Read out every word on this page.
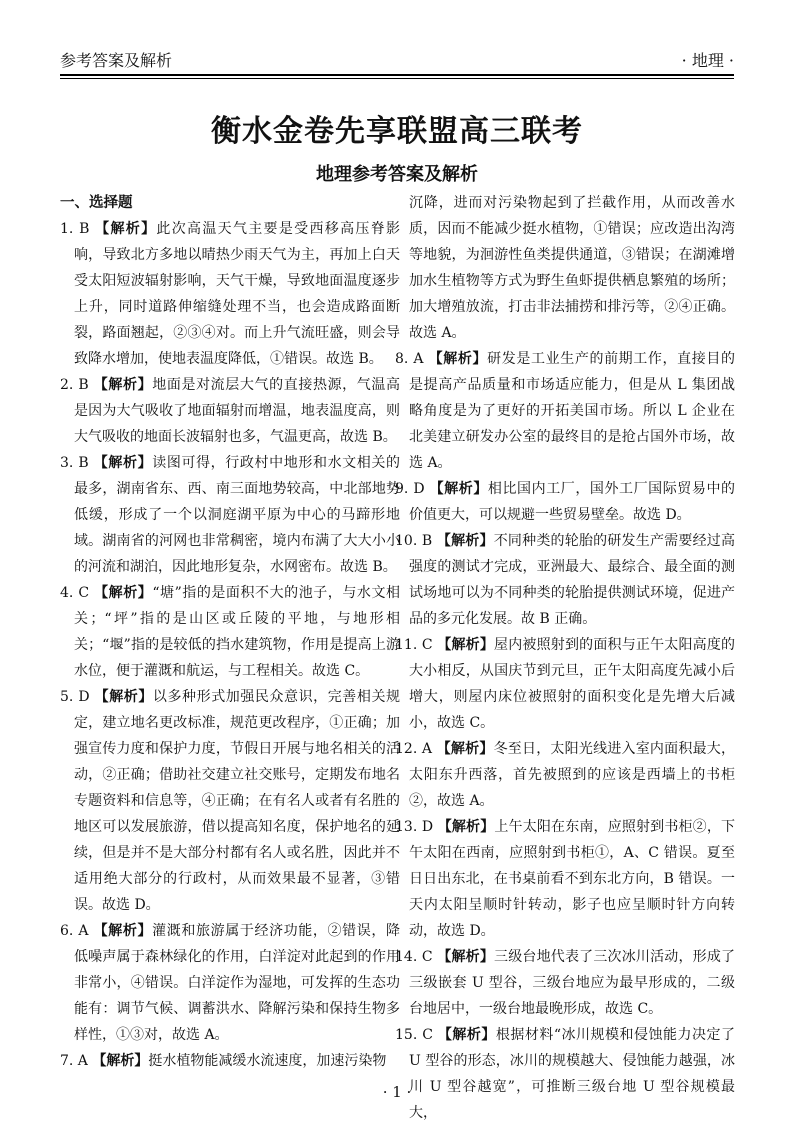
参考答案及解析	· 地理 ·
衡水金卷先享联盟高三联考
地理参考答案及解析

一、选择题

1. B 【解析】此次高温天气主要是受西移高压脊影响，导致北方多地以晴热少雨天气为主，再加上白天受太阳短波辐射影响，天气干燥，导致地面温度逐步上升，同时道路伸缩缝处理不当，也会造成路面断裂，路面翘起，②③④对。而上升气流旺盛，则会导致降水增加，使地表温度降低，①错误。故选 B。

2. B 【解析】地面是对流层大气的直接热源，气温高是因为大气吸收了地面辐射而增温，地表温度高，则大气吸收的地面长波辐射也多，气温更高，故选 B。

3. B 【解析】读图可得，行政村中地形和水文相关的最多，湖南省东、西、南三面地势较高，中北部地势低缓，形成了一个以洞庭湖平原为中心的马蹄形地域。湖南省的河网也非常稠密，境内布满了大大小小的河流和湖泊，因此地形复杂，水网密布。故选 B。

4. C 【解析】“塘”指的是面积不大的池子，与水文相关；“坪”指的是山区或丘陵的平地，与地形相关；“堰”指的是较低的挡水建筑物，作用是提高上游水位，便于灌溉和航运，与工程相关。故选 C。

5. D 【解析】以多种形式加强民众意识，完善相关规定，建立地名更改标准，规范更改程序，①正确；加强宣传力度和保护力度，节假日开展与地名相关的活动，②正确；借助社交建立社交账号，定期发布地名专题资料和信息等，④正确；在有名人或者有名胜的地区可以发展旅游，借以提高知名度，保护地名的延续，但是并不是大部分村都有名人或名胜，因此并不适用绝大部分的行政村，从而效果最不显著，③错误。故选 D。

6. A 【解析】灌溉和旅游属于经济功能，②错误，降低噪声属于森林绿化的作用，白洋淀对此起到的作用非常小，④错误。白洋淀作为湿地，可发挥的生态功能有：调节气候、调蓄洪水、降解污染和保持生物多样性，①③对，故选 A。

7. A 【解析】挺水植物能减缓水流速度，加速污染物

沉降，进而对污染物起到了拦截作用，从而改善水质，因而不能减少挺水植物，①错误；应改造出沟湾等地貌，为洄游性鱼类提供通道，③错误；在湖滩增加水生植物等方式为野生鱼虾提供栖息繁殖的场所；加大增殖放流，打击非法捕捞和排污等，②④正确。故选 A。

8. A 【解析】研发是工业生产的前期工作，直接目的是提高产品质量和市场适应能力，但是从 L 集团战略角度是为了更好的开拓美国市场。所以 L 企业在北美建立研发办公室的最终目的是抢占国外市场，故选 A。

9. D 【解析】相比国内工厂，国外工厂国际贸易中的价值更大，可以规避一些贸易壁垒。故选 D。

10. B 【解析】不同种类的轮胎的研发生产需要经过高强度的测试才完成，亚洲最大、最综合、最全面的测试场地可以为不同种类的轮胎提供测试环境，促进产品的多元化发展。故 B 正确。

11. C 【解析】屋内被照射到的面积与正午太阳高度的大小相反，从国庆节到元旦，正午太阳高度先减小后增大，则屋内床位被照射的面积变化是先增大后减小，故选 C。

12. A 【解析】冬至日，太阳光线进入室内面积最大，太阳东升西落，首先被照到的应该是西墙上的书柜②，故选 A。

13. D 【解析】上午太阳在东南，应照射到书柜②，下午太阳在西南，应照射到书柜①，A、C 错误。夏至日日出东北，在书桌前看不到东北方向，B 错误。一天内太阳呈顺时针转动，影子也应呈顺时针方向转动，故选 D。

14. C 【解析】三级台地代表了三次冰川活动，形成了三级嵌套 U 型谷，三级台地应为最早形成的，二级台地居中，一级台地最晚形成，故选 C。

15. C 【解析】根据材料“冰川规模和侵蚀能力决定了 U 型谷的形态，冰川的规模越大、侵蚀能力越强，冰川 U 型谷越宽”，可推断三级台地 U 型谷规模最大，

· 1 ·
